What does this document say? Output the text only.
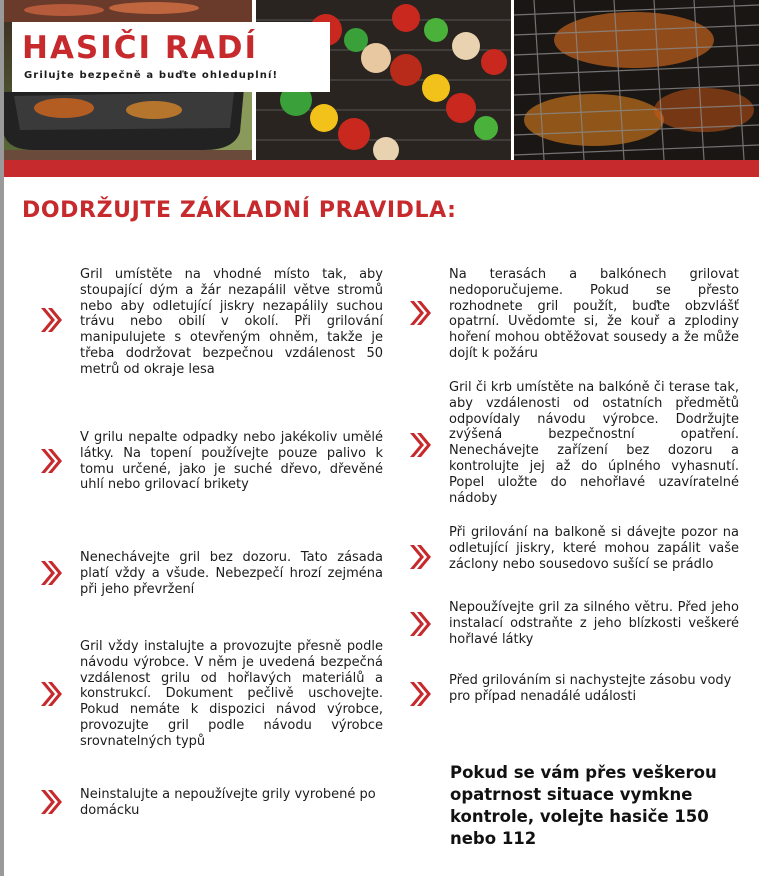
HASIČI RADÍ
Grilujte bezpečně a buďte ohleduplní!
DODRŽUJTE ZÁKLADNÍ PRAVIDLA:
Gril umístěte na vhodné místo tak, aby stoupající dým a žár nezapálil větve stromů nebo aby odletující jiskry nezapálily suchou trávu nebo obilí v okolí. Při grilování manipulujete s otevřeným ohněm, takže je třeba dodržovat bezpečnou vzdálenost 50 metrů od okraje lesa
V grilu nepalte odpadky nebo jakékoliv umělé látky. Na topení používejte pouze palivo k tomu určené, jako je suché dřevo, dřevěné uhlí nebo grilovací brikety
Nenechávejte gril bez dozoru. Tato zásada platí vždy a všude. Nebezpečí hrozí zejména při jeho převržení
Gril vždy instalujte a provozujte přesně podle návodu výrobce. V něm je uvedená bezpečná vzdálenost grilu od hořlavých materiálů a konstrukcí. Dokument pečlivě uschovejte. Pokud nemáte k dispozici návod výrobce, provozujte gril podle návodu výrobce srovnatelných typů
Neinstalujte a nepoužívejte grily vyrobené po domácku
Na terasách a balkónech grilovat nedoporučujeme. Pokud se přesto rozhodnete gril použít, buďte obzvlášť opatrní. Uvědomte si, že kouř a zplodiny hoření mohou obtěžovat sousedy a že může dojít k požáru
Gril či krb umístěte na balkóně či terase tak, aby vzdálenosti od ostatních předmětů odpovídaly návodu výrobce. Dodržujte zvýšená bezpečnostní opatření. Nenechávejte zařízení bez dozoru a kontrolujte jej až do úplného vyhasnutí. Popel uložte do nehořlavé uzavíratelné nádoby
Při grilování na balkoně si dávejte pozor na odletující jiskry, které mohou zapálit vaše záclony nebo sousedovo sušící se prádlo
Nepoužívejte gril za silného větru. Před jeho instalací odstraňte z jeho blízkosti veškeré hořlavé látky
Před grilováním si nachystejte zásobu vody pro případ nenadálé události
Pokud se vám přes veškerou opatrnost situace vymkne kontrole, volejte hasiče 150 nebo 112
